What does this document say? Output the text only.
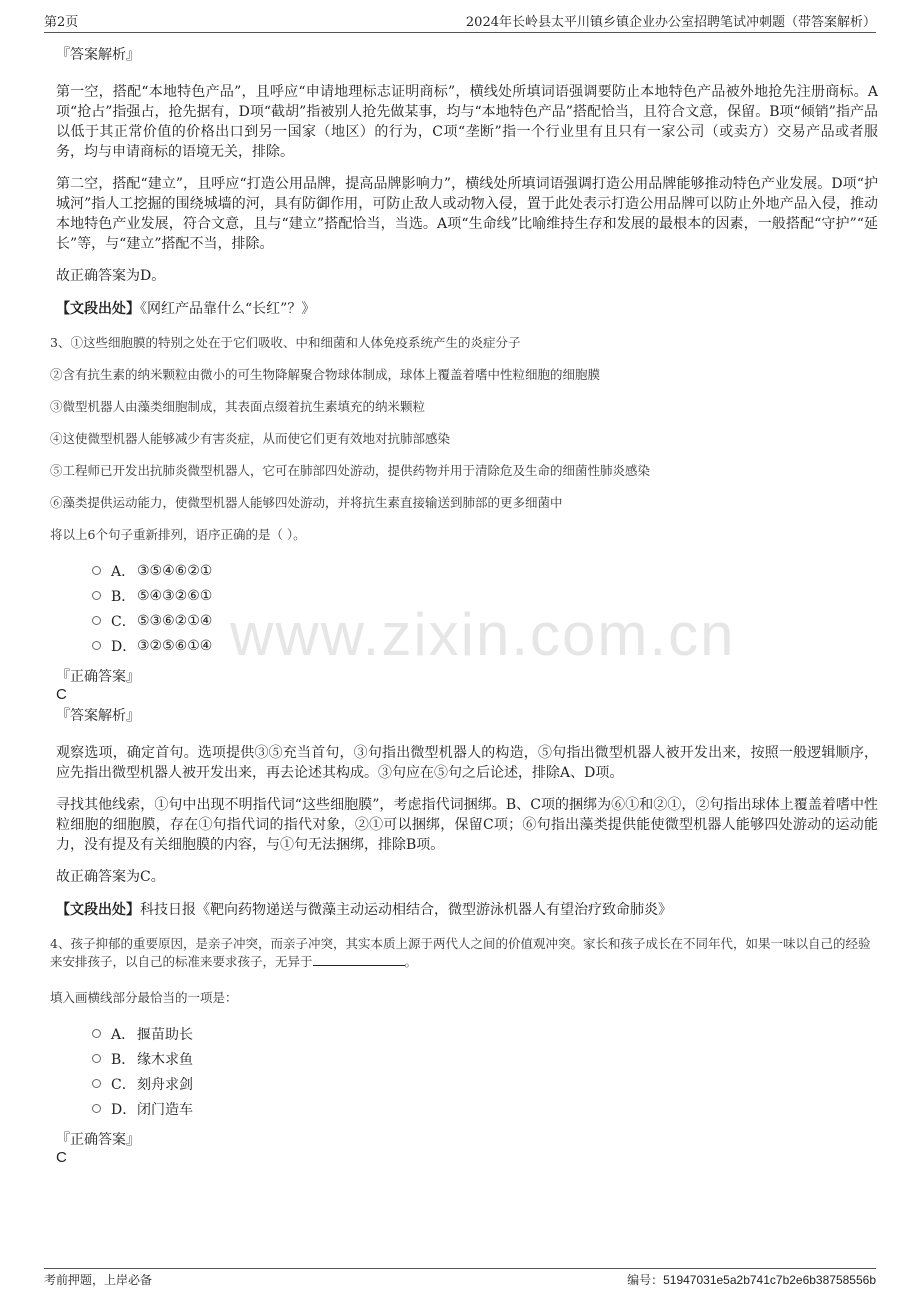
第2页	2024年长岭县太平川镇乡镇企业办公室招聘笔试冲刺题（带答案解析）
www.zixin.com.cn
『答案解析』

第一空，搭配“本地特色产品”，且呼应“申请地理标志证明商标”，横线处所填词语强调要防止本地特色产品被外地抢先注册商标。A项“抢占”指强占，抢先据有，D项“截胡”指被别人抢先做某事，均与“本地特色产品”搭配恰当，且符合文意，保留。B项“倾销”指产品以低于其正常价值的价格出口到另一国家（地区）的行为，C项“垄断”指一个行业里有且只有一家公司（或卖方）交易产品或者服务，均与申请商标的语境无关，排除。

第二空，搭配“建立”，且呼应“打造公用品牌，提高品牌影响力”，横线处所填词语强调打造公用品牌能够推动特色产业发展。D项“护城河”指人工挖掘的围绕城墙的河，具有防御作用，可防止敌人或动物入侵，置于此处表示打造公用品牌可以防止外地产品入侵，推动本地特色产业发展，符合文意，且与“建立”搭配恰当，当选。A项“生命线”比喻维持生存和发展的最根本的因素，一般搭配“守护”“延长”等，与“建立”搭配不当，排除。

故正确答案为D。

【文段出处】《网红产品靠什么“长红”？》
3、①这些细胞膜的特别之处在于它们吸收、中和细菌和人体免疫系统产生的炎症分子
②含有抗生素的纳米颗粒由微小的可生物降解聚合物球体制成，球体上覆盖着嗜中性粒细胞的细胞膜
③微型机器人由藻类细胞制成，其表面点缀着抗生素填充的纳米颗粒
④这使微型机器人能够减少有害炎症，从而使它们更有效地对抗肺部感染
⑤工程师已开发出抗肺炎微型机器人，它可在肺部四处游动，提供药物并用于清除危及生命的细菌性肺炎感染
⑥藻类提供运动能力，使微型机器人能够四处游动，并将抗生素直接输送到肺部的更多细菌中
将以上6个句子重新排列，语序正确的是（ ）。
A． ③⑤④⑥②①
B． ⑤④③②⑥①
C． ⑤③⑥②①④
D． ③②⑤⑥①④
『正确答案』
C
『答案解析』

观察选项，确定首句。选项提供③⑤充当首句，③句指出微型机器人的构造，⑤句指出微型机器人被开发出来，按照一般逻辑顺序，应先指出微型机器人被开发出来，再去论述其构成。③句应在⑤句之后论述，排除A、D项。

寻找其他线索，①句中出现不明指代词“这些细胞膜”，考虑指代词捆绑。B、C项的捆绑为⑥①和②①，②句指出球体上覆盖着嗜中性粒细胞的细胞膜，存在①句指代词的指代对象，②①可以捆绑，保留C项；⑥句指出藻类提供能使微型机器人能够四处游动的运动能力，没有提及有关细胞膜的内容，与①句无法捆绑，排除B项。

故正确答案为C。

【文段出处】科技日报《靶向药物递送与微藻主动运动相结合，微型游泳机器人有望治疗致命肺炎》
4、孩子抑郁的重要原因，是亲子冲突，而亲子冲突，其实本质上源于两代人之间的价值观冲突。家长和孩子成长在不同年代，如果一味以自己的经验来安排孩子，以自己的标准来要求孩子，无异于	。
填入画横线部分最恰当的一项是：
A． 揠苗助长
B． 缘木求鱼
C． 刻舟求剑
D． 闭门造车
『正确答案』
C
考前押题，上岸必备	编号：51947031e5a2b741c7b2e6b38758556b
